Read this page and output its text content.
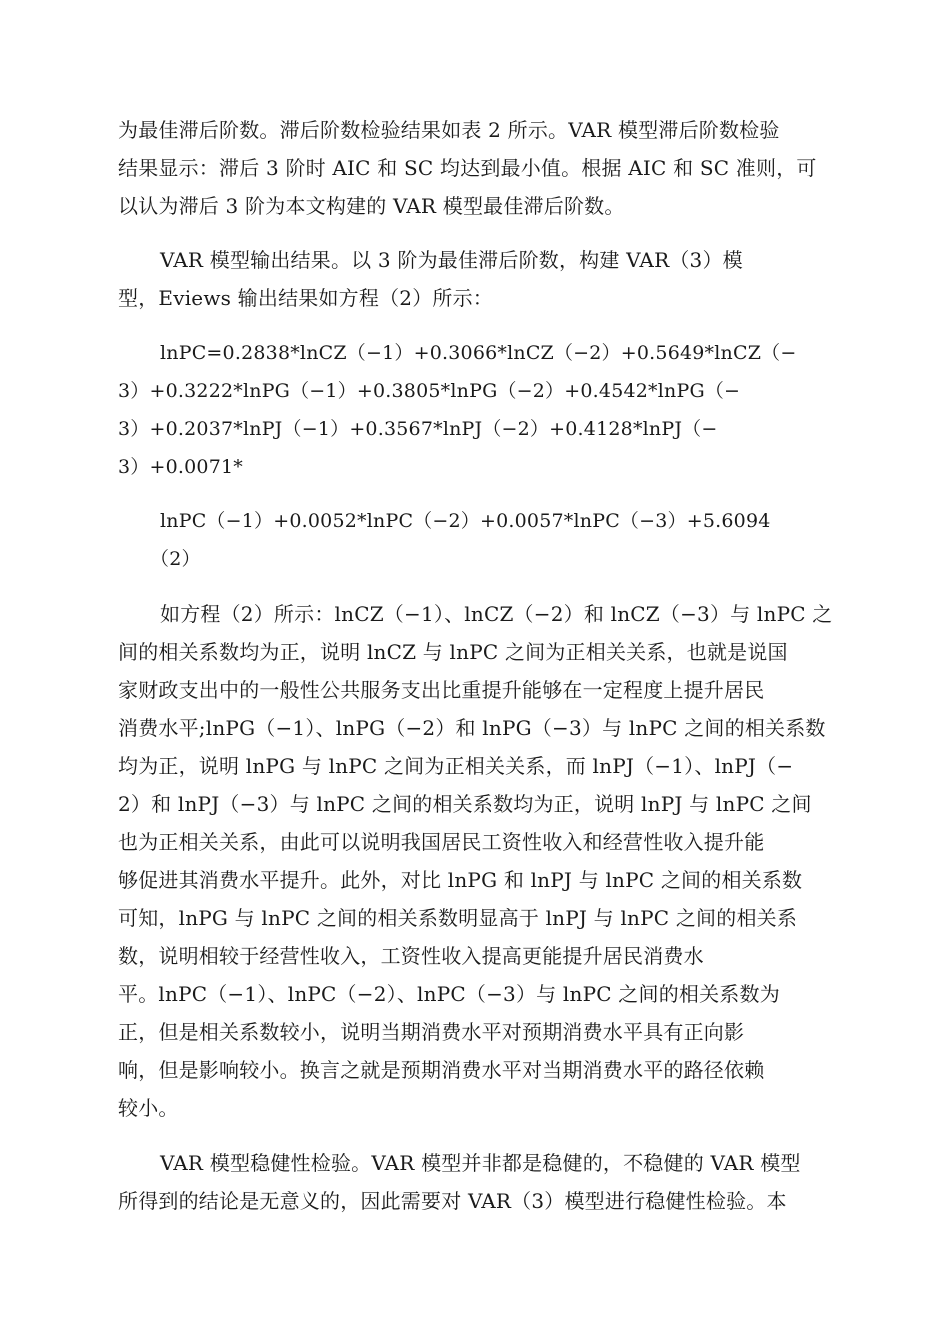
为最佳滞后阶数。滞后阶数检验结果如表 2 所示。VAR 模型滞后阶数检验
结果显示：滞后 3 阶时 AIC 和 SC 均达到最小值。根据 AIC 和 SC 准则，可
以认为滞后 3 阶为本文构建的 VAR 模型最佳滞后阶数。
VAR 模型输出结果。以 3 阶为最佳滞后阶数，构建 VAR（3）模
型，Eviews 输出结果如方程（2）所示：
lnPC=0.2838*lnCZ（−1）+0.3066*lnCZ（−2）+0.5649*lnCZ（−
3）+0.3222*lnPG（−1）+0.3805*lnPG（−2）+0.4542*lnPG（−
3）+0.2037*lnPJ（−1）+0.3567*lnPJ（−2）+0.4128*lnPJ（−
3）+0.0071*
lnPC（−1）+0.0052*lnPC（−2）+0.0057*lnPC（−3）+5.6094
（2）
如方程（2）所示：lnCZ（−1）、lnCZ（−2）和 lnCZ（−3）与 lnPC 之
间的相关系数均为正，说明 lnCZ 与 lnPC 之间为正相关关系，也就是说国
家财政支出中的一般性公共服务支出比重提升能够在一定程度上提升居民
消费水平;lnPG（−1）、lnPG（−2）和 lnPG（−3）与 lnPC 之间的相关系数
均为正，说明 lnPG 与 lnPC 之间为正相关关系，而 lnPJ（−1）、lnPJ（−
2）和 lnPJ（−3）与 lnPC 之间的相关系数均为正，说明 lnPJ 与 lnPC 之间
也为正相关关系，由此可以说明我国居民工资性收入和经营性收入提升能
够促进其消费水平提升。此外，对比 lnPG 和 lnPJ 与 lnPC 之间的相关系数
可知，lnPG 与 lnPC 之间的相关系数明显高于 lnPJ 与 lnPC 之间的相关系
数，说明相较于经营性收入，工资性收入提高更能提升居民消费水
平。lnPC（−1）、lnPC（−2）、lnPC（−3）与 lnPC 之间的相关系数为
正，但是相关系数较小，说明当期消费水平对预期消费水平具有正向影
响，但是影响较小。换言之就是预期消费水平对当期消费水平的路径依赖
较小。
VAR 模型稳健性检验。VAR 模型并非都是稳健的，不稳健的 VAR 模型
所得到的结论是无意义的，因此需要对 VAR（3）模型进行稳健性检验。本
